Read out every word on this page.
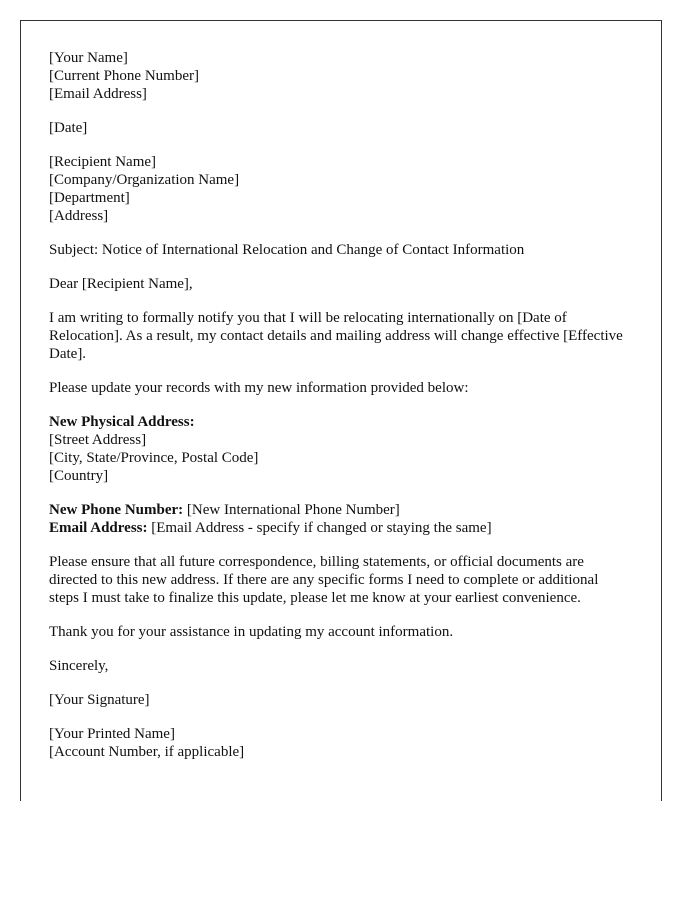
[Your Name]
[Current Phone Number]
[Email Address]

[Date]

[Recipient Name]
[Company/Organization Name]
[Department]
[Address]

Subject: Notice of International Relocation and Change of Contact Information

Dear [Recipient Name],

I am writing to formally notify you that I will be relocating internationally on [Date of Relocation]. As a result, my contact details and mailing address will change effective [Effective Date].

Please update your records with my new information provided below:

New Physical Address:
[Street Address]
[City, State/Province, Postal Code]
[Country]

New Phone Number: [New International Phone Number]
Email Address: [Email Address - specify if changed or staying the same]

Please ensure that all future correspondence, billing statements, or official documents are directed to this new address. If there are any specific forms I need to complete or additional steps I must take to finalize this update, please let me know at your earliest convenience.

Thank you for your assistance in updating my account information.

Sincerely,

[Your Signature]

[Your Printed Name]
[Account Number, if applicable]
